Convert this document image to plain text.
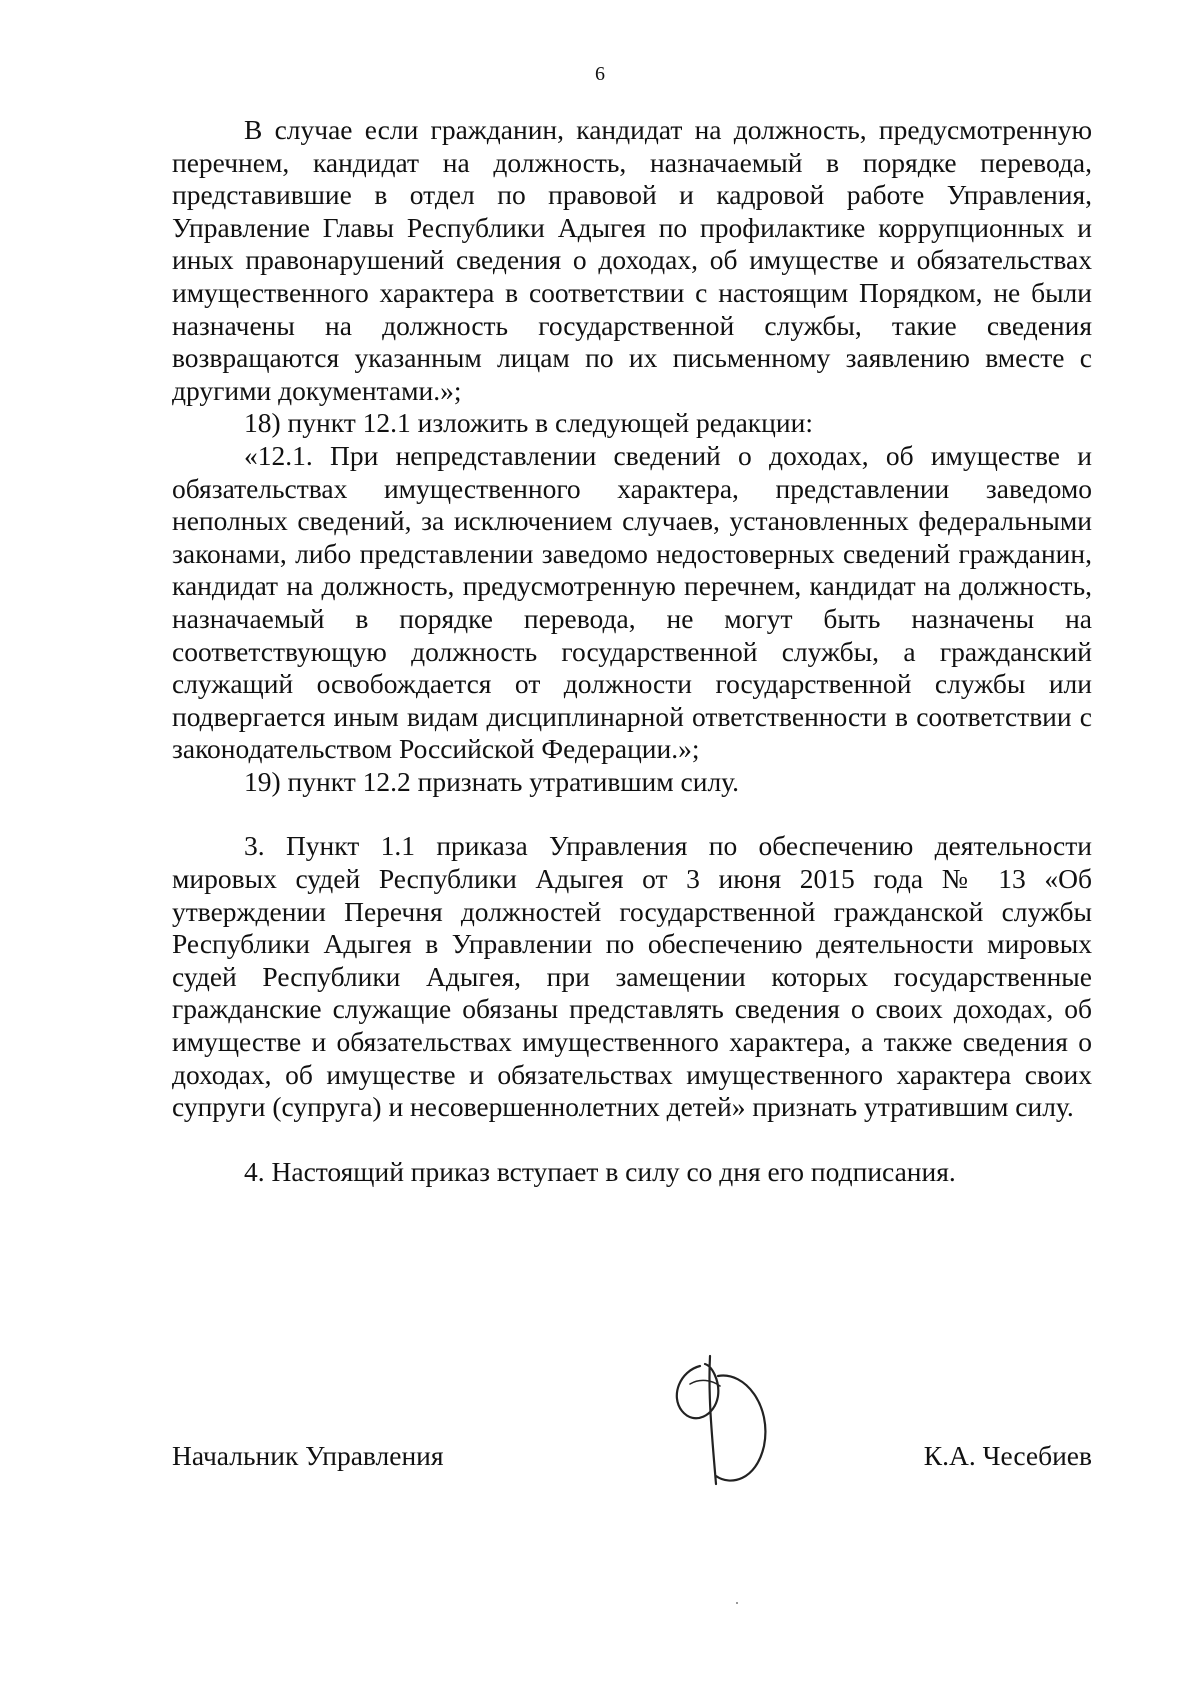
6

В случае если гражданин, кандидат на должность, предусмотренную перечнем, кандидат на должность, назначаемый в порядке перевода, представившие в отдел по правовой и кадровой работе Управления, Управление Главы Республики Адыгея по профилактике коррупционных и иных правонарушений сведения о доходах, об имуществе и обязательствах имущественного характера в соответствии с настоящим Порядком, не были назначены на должность государственной службы, такие сведения возвращаются указанным лицам по их письменному заявлению вместе с другими документами.»;

18) пункт 12.1 изложить в следующей редакции:

«12.1. При непредставлении сведений о доходах, об имуществе и обязательствах имущественного характера, представлении заведомо неполных сведений, за исключением случаев, установленных федеральными законами, либо представлении заведомо недостоверных сведений гражданин, кандидат на должность, предусмотренную перечнем, кандидат на должность, назначаемый в порядке перевода, не могут быть назначены на соответствующую должность государственной службы, а гражданский служащий освобождается от должности государственной службы или подвергается иным видам дисциплинарной ответственности в соответствии с законодательством Российской Федерации.»;

19) пункт 12.2 признать утратившим силу.

3. Пункт 1.1 приказа Управления по обеспечению деятельности мировых судей Республики Адыгея от 3 июня 2015 года № 13 «Об утверждении Перечня должностей государственной гражданской службы Республики Адыгея в Управлении по обеспечению деятельности мировых судей Республики Адыгея, при замещении которых государственные гражданские служащие обязаны представлять сведения о своих доходах, об имуществе и обязательствах имущественного характера, а также сведения о доходах, об имуществе и обязательствах имущественного характера своих супруги (супруга) и несовершеннолетних детей» признать утратившим силу.

4. Настоящий приказ вступает в силу со дня его подписания.

Начальник Управления	К.А. Чесебиев
